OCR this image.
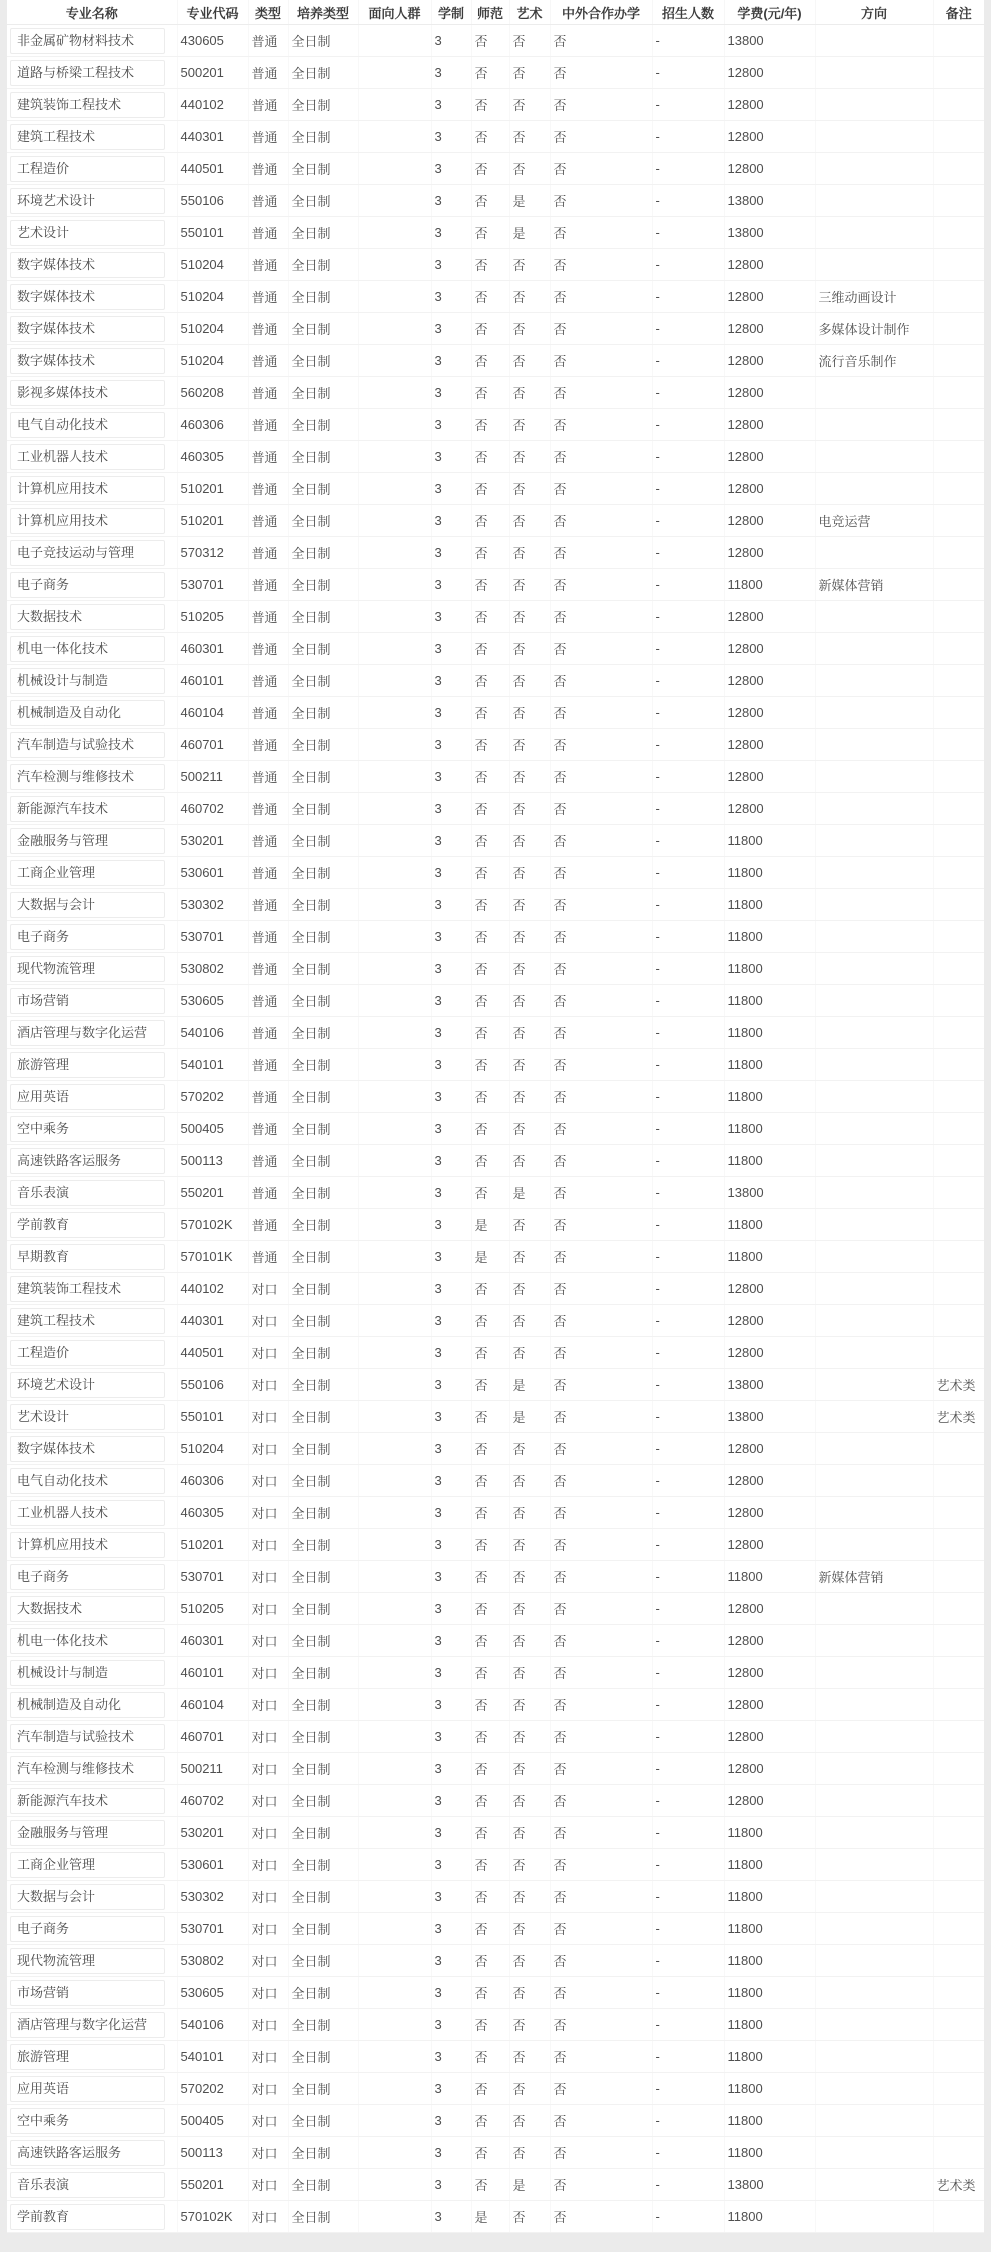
专业名称	专业代码	类型	培养类型	面向人群	学制	师范	艺术	中外合作办学	招生人数	学费(元/年)	方向	备注

非金属矿物材料技术	430605	普通	全日制		3	否	否	否	-	13800		

道路与桥梁工程技术	500201	普通	全日制		3	否	否	否	-	12800		

建筑装饰工程技术	440102	普通	全日制		3	否	否	否	-	12800		

建筑工程技术	440301	普通	全日制		3	否	否	否	-	12800		

工程造价	440501	普通	全日制		3	否	否	否	-	12800		

环境艺术设计	550106	普通	全日制		3	否	是	否	-	13800		

艺术设计	550101	普通	全日制		3	否	是	否	-	13800		

数字媒体技术	510204	普通	全日制		3	否	否	否	-	12800		

数字媒体技术	510204	普通	全日制		3	否	否	否	-	12800	三维动画设计	

数字媒体技术	510204	普通	全日制		3	否	否	否	-	12800	多媒体设计制作	

数字媒体技术	510204	普通	全日制		3	否	否	否	-	12800	流行音乐制作	

影视多媒体技术	560208	普通	全日制		3	否	否	否	-	12800		

电气自动化技术	460306	普通	全日制		3	否	否	否	-	12800		

工业机器人技术	460305	普通	全日制		3	否	否	否	-	12800		

计算机应用技术	510201	普通	全日制		3	否	否	否	-	12800		

计算机应用技术	510201	普通	全日制		3	否	否	否	-	12800	电竞运营	

电子竞技运动与管理	570312	普通	全日制		3	否	否	否	-	12800		

电子商务	530701	普通	全日制		3	否	否	否	-	11800	新媒体营销	

大数据技术	510205	普通	全日制		3	否	否	否	-	12800		

机电一体化技术	460301	普通	全日制		3	否	否	否	-	12800		

机械设计与制造	460101	普通	全日制		3	否	否	否	-	12800		

机械制造及自动化	460104	普通	全日制		3	否	否	否	-	12800		

汽车制造与试验技术	460701	普通	全日制		3	否	否	否	-	12800		

汽车检测与维修技术	500211	普通	全日制		3	否	否	否	-	12800		

新能源汽车技术	460702	普通	全日制		3	否	否	否	-	12800		

金融服务与管理	530201	普通	全日制		3	否	否	否	-	11800		

工商企业管理	530601	普通	全日制		3	否	否	否	-	11800		

大数据与会计	530302	普通	全日制		3	否	否	否	-	11800		

电子商务	530701	普通	全日制		3	否	否	否	-	11800		

现代物流管理	530802	普通	全日制		3	否	否	否	-	11800		

市场营销	530605	普通	全日制		3	否	否	否	-	11800		

酒店管理与数字化运营	540106	普通	全日制		3	否	否	否	-	11800		

旅游管理	540101	普通	全日制		3	否	否	否	-	11800		

应用英语	570202	普通	全日制		3	否	否	否	-	11800		

空中乘务	500405	普通	全日制		3	否	否	否	-	11800		

高速铁路客运服务	500113	普通	全日制		3	否	否	否	-	11800		

音乐表演	550201	普通	全日制		3	否	是	否	-	13800		

学前教育	570102K	普通	全日制		3	是	否	否	-	11800		

早期教育	570101K	普通	全日制		3	是	否	否	-	11800		

建筑装饰工程技术	440102	对口	全日制		3	否	否	否	-	12800		

建筑工程技术	440301	对口	全日制		3	否	否	否	-	12800		

工程造价	440501	对口	全日制		3	否	否	否	-	12800		

环境艺术设计	550106	对口	全日制		3	否	是	否	-	13800		艺术类

艺术设计	550101	对口	全日制		3	否	是	否	-	13800		艺术类

数字媒体技术	510204	对口	全日制		3	否	否	否	-	12800		

电气自动化技术	460306	对口	全日制		3	否	否	否	-	12800		

工业机器人技术	460305	对口	全日制		3	否	否	否	-	12800		

计算机应用技术	510201	对口	全日制		3	否	否	否	-	12800		

电子商务	530701	对口	全日制		3	否	否	否	-	11800	新媒体营销	

大数据技术	510205	对口	全日制		3	否	否	否	-	12800		

机电一体化技术	460301	对口	全日制		3	否	否	否	-	12800		

机械设计与制造	460101	对口	全日制		3	否	否	否	-	12800		

机械制造及自动化	460104	对口	全日制		3	否	否	否	-	12800		

汽车制造与试验技术	460701	对口	全日制		3	否	否	否	-	12800		

汽车检测与维修技术	500211	对口	全日制		3	否	否	否	-	12800		

新能源汽车技术	460702	对口	全日制		3	否	否	否	-	12800		

金融服务与管理	530201	对口	全日制		3	否	否	否	-	11800		

工商企业管理	530601	对口	全日制		3	否	否	否	-	11800		

大数据与会计	530302	对口	全日制		3	否	否	否	-	11800		

电子商务	530701	对口	全日制		3	否	否	否	-	11800		

现代物流管理	530802	对口	全日制		3	否	否	否	-	11800		

市场营销	530605	对口	全日制		3	否	否	否	-	11800		

酒店管理与数字化运营	540106	对口	全日制		3	否	否	否	-	11800		

旅游管理	540101	对口	全日制		3	否	否	否	-	11800		

应用英语	570202	对口	全日制		3	否	否	否	-	11800		

空中乘务	500405	对口	全日制		3	否	否	否	-	11800		

高速铁路客运服务	500113	对口	全日制		3	否	否	否	-	11800		

音乐表演	550201	对口	全日制		3	否	是	否	-	13800		艺术类

学前教育	570102K	对口	全日制		3	是	否	否	-	11800		
